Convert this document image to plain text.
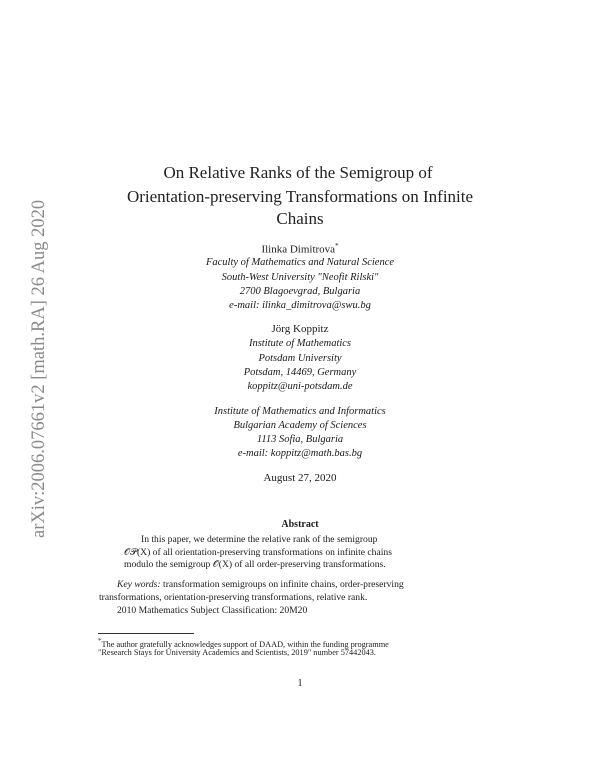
arXiv:2006.07661v2 [math.RA] 26 Aug 2020
On Relative Ranks of the Semigroup of
Orientation-preserving Transformations on Infinite
Chains
Ilinka Dimitrova*
Faculty of Mathematics and Natural Science
South-West University "Neofit Rilski"
2700 Blagoevgrad, Bulgaria
e-mail: ilinka_dimitrova@swu.bg
Jörg Koppitz
Institute of Mathematics
Potsdam University
Potsdam, 14469, Germany
koppitz@uni-potsdam.de
Institute of Mathematics and Informatics
Bulgarian Academy of Sciences
1113 Sofia, Bulgaria
e-mail: koppitz@math.bas.bg
August 27, 2020
Abstract
In this paper, we determine the relative rank of the semigroup
𝒪𝒫(X) of all orientation-preserving transformations on infinite chains
modulo the semigroup 𝒪(X) of all order-preserving transformations.
Key words: transformation semigroups on infinite chains, order-preserving
transformations, orientation-preserving transformations, relative rank.
2010 Mathematics Subject Classification: 20M20
*The author gratefully acknowledges support of DAAD, within the funding programme
"Research Stays for University Academics and Scientists, 2019" number 57442043.
1
